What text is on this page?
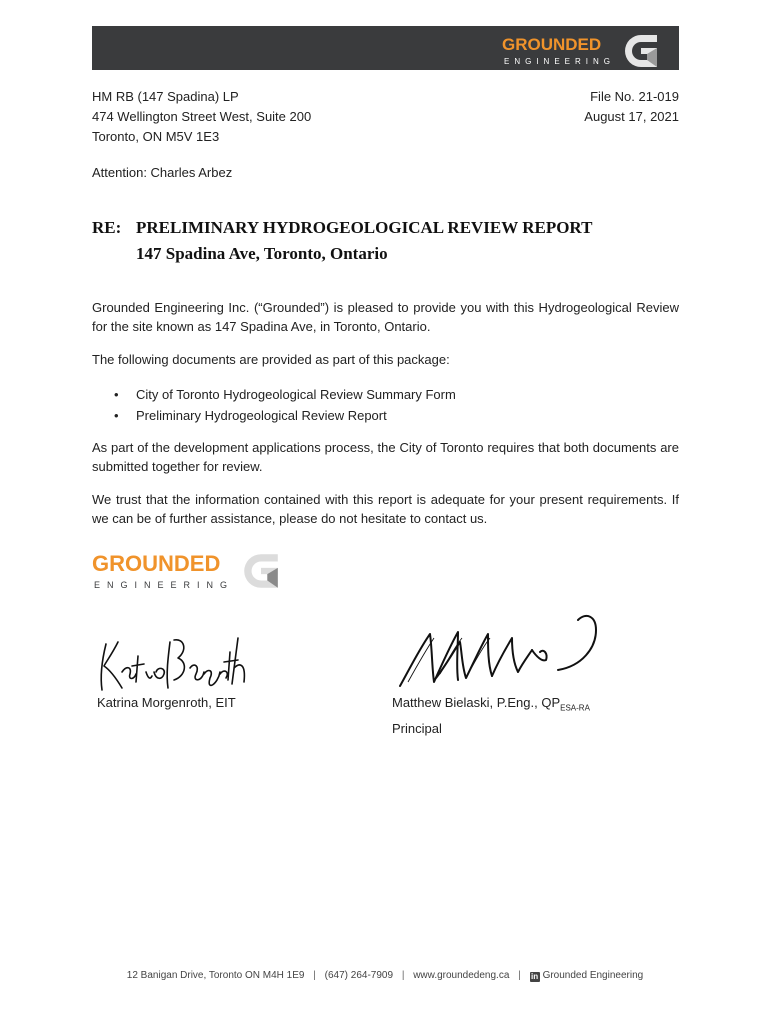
GROUNDED
ENGINEERING
HM RB (147 Spadina) LP
474 Wellington Street West, Suite 200
Toronto, ON M5V 1E3
File No. 21-019
August 17, 2021
Attention: Charles Arbez
RE: PRELIMINARY HYDROGEOLOGICAL REVIEW REPORT
147 Spadina Ave, Toronto, Ontario
Grounded Engineering Inc. (“Grounded”) is pleased to provide you with this Hydrogeological Review for the site known as 147 Spadina Ave, in Toronto, Ontario.
The following documents are provided as part of this package:
• City of Toronto Hydrogeological Review Summary Form
• Preliminary Hydrogeological Review Report
As part of the development applications process, the City of Toronto requires that both documents are submitted together for review.
We trust that the information contained with this report is adequate for your present requirements. If we can be of further assistance, please do not hesitate to contact us.
GROUNDED
ENGINEERING
Katrina Morgenroth, EIT	Matthew Bielaski, P.Eng., $QP_{ESA-RA}$
Principal
12 Banigan Drive, Toronto ON M4H 1E9 | (647) 264-7909 | www.groundedeng.ca | in Grounded Engineering
